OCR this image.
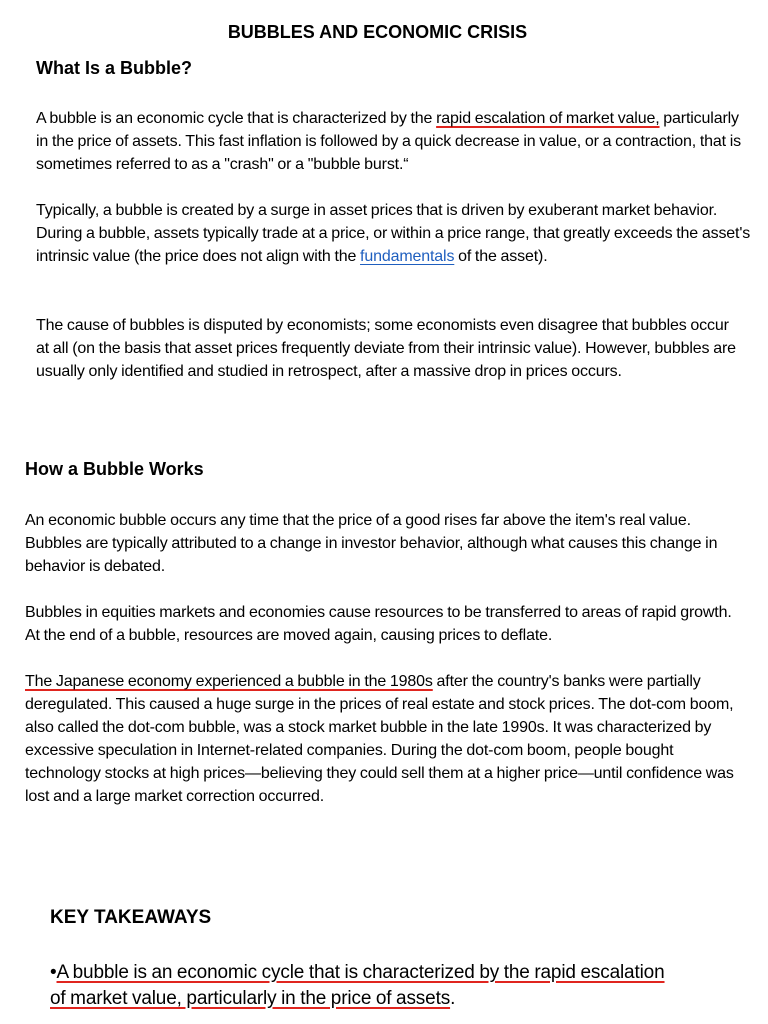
BUBBLES AND ECONOMIC CRISIS
What Is a Bubble?
A bubble is an economic cycle that is characterized by the rapid escalation of market value, particularly in the price of assets. This fast inflation is followed by a quick decrease in value, or a contraction, that is sometimes referred to as a "crash" or a "bubble burst.“
Typically, a bubble is created by a surge in asset prices that is driven by exuberant market behavior. During a bubble, assets typically trade at a price, or within a price range, that greatly exceeds the asset's intrinsic value (the price does not align with the fundamentals of the asset).
The cause of bubbles is disputed by economists; some economists even disagree that bubbles occur at all (on the basis that asset prices frequently deviate from their intrinsic value). However, bubbles are usually only identified and studied in retrospect, after a massive drop in prices occurs.
How a Bubble Works
An economic bubble occurs any time that the price of a good rises far above the item's real value. Bubbles are typically attributed to a change in investor behavior, although what causes this change in behavior is debated.
Bubbles in equities markets and economies cause resources to be transferred to areas of rapid growth. At the end of a bubble, resources are moved again, causing prices to deflate.
The Japanese economy experienced a bubble in the 1980s after the country's banks were partially deregulated. This caused a huge surge in the prices of real estate and stock prices. The dot-com boom, also called the dot-com bubble, was a stock market bubble in the late 1990s. It was characterized by excessive speculation in Internet-related companies. During the dot-com boom, people bought technology stocks at high prices—believing they could sell them at a higher price—until confidence was lost and a large market correction occurred.
KEY TAKEAWAYS
•A bubble is an economic cycle that is characterized by the rapid escalation of market value, particularly in the price of assets.
